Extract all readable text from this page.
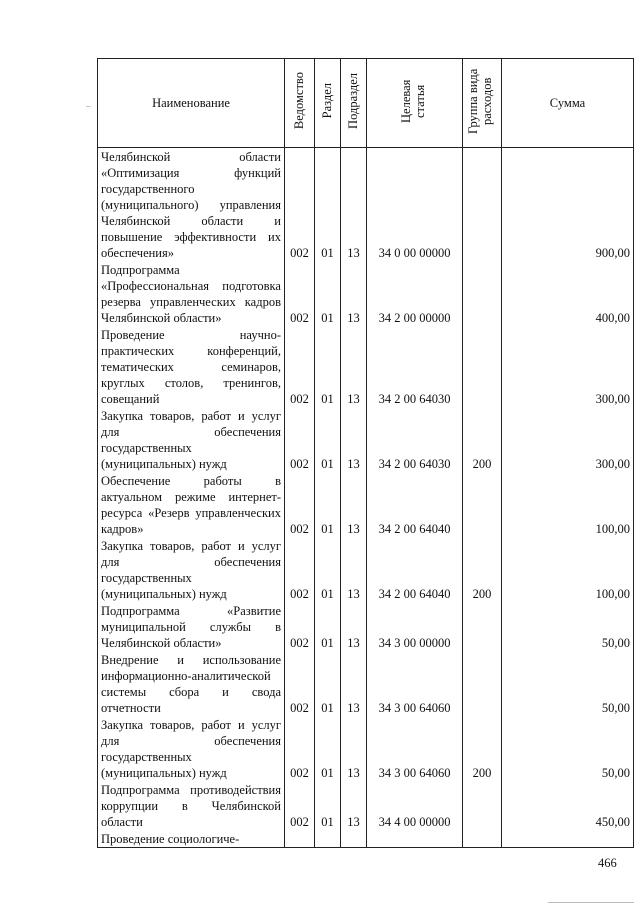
–	Наименование	Ведомство	Раздел	Подраздел	Целевая статья	Группа вида расходов	Сумма
Челябинской области «Оптимизация функций государственного (муниципального) управления Челябинской области и повышение эффективности их обеспечения»	002	01	13	34 0 00 00000		900,00
Подпрограмма «Профессиональная подготовка резерва управленческих кадров Челябинской области»	002	01	13	34 2 00 00000		400,00
Проведение научно-практических конференций, тематических семинаров, круглых столов, тренингов, совещаний	002	01	13	34 2 00 64030		300,00
Закупка товаров, работ и услуг для обеспечения государственных (муниципальных) нужд	002	01	13	34 2 00 64030	200	300,00
Обеспечение работы в актуальном режиме интернет-ресурса «Резерв управленческих кадров»	002	01	13	34 2 00 64040		100,00
Закупка товаров, работ и услуг для обеспечения государственных (муниципальных) нужд	002	01	13	34 2 00 64040	200	100,00
Подпрограмма «Развитие муниципальной службы в Челябинской области»	002	01	13	34 3 00 00000		50,00
Внедрение и использование информационно-аналитической системы сбора и свода отчетности	002	01	13	34 3 00 64060		50,00
Закупка товаров, работ и услуг для обеспечения государственных (муниципальных) нужд	002	01	13	34 3 00 64060	200	50,00
Подпрограмма противодействия коррупции в Челябинской области	002	01	13	34 4 00 00000		450,00
Проведение социологиче-						
466
